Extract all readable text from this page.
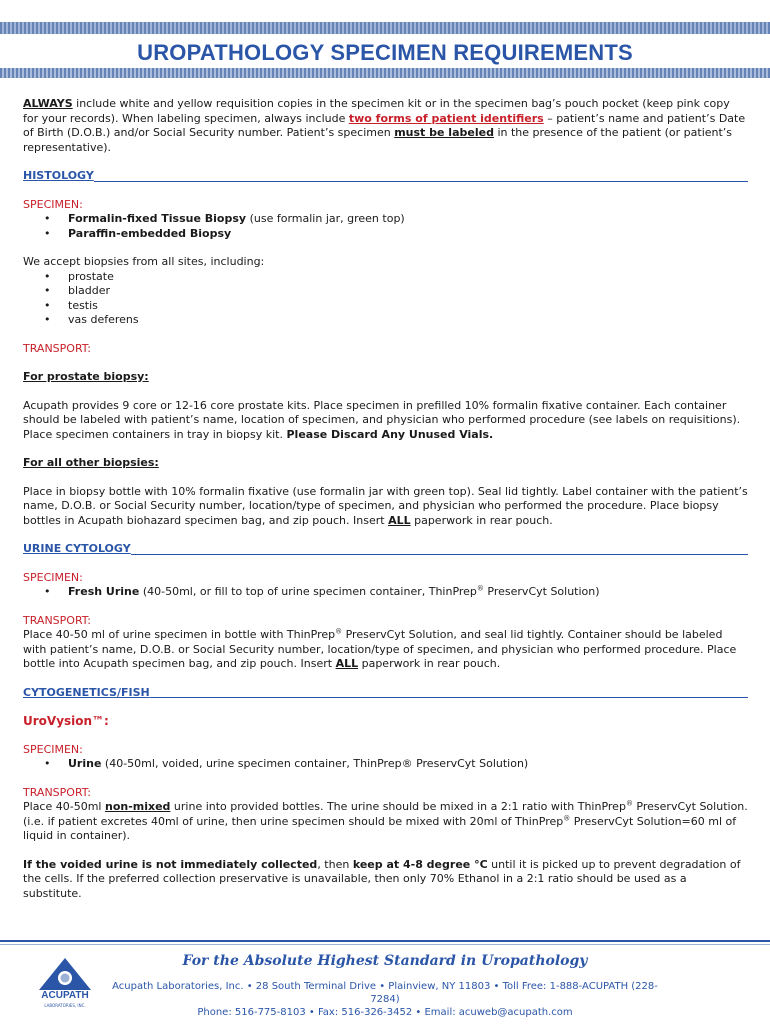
UROPATHOLOGY SPECIMEN REQUIREMENTS

ALWAYS include white and yellow requisition copies in the specimen kit or in the specimen bag’s pouch pocket (keep pink copy for your records). When labeling specimen, always include two forms of patient identifiers – patient’s name and patient’s Date of Birth (D.O.B.) and/or Social Security number. Patient’s specimen must be labeled in the presence of the patient (or patient’s representative).

HISTOLOGY

SPECIMEN:

• Formalin-fixed Tissue Biopsy (use formalin jar, green top)
• Paraffin-embedded Biopsy

We accept biopsies from all sites, including:

• prostate
• bladder
• testis
• vas deferens

TRANSPORT:

For prostate biopsy:

Acupath provides 9 core or 12-16 core prostate kits. Place specimen in prefilled 10% formalin fixative container. Each container should be labeled with patient’s name, location of specimen, and physician who performed procedure (see labels on requisitions). Place specimen containers in tray in biopsy kit. Please Discard Any Unused Vials.

For all other biopsies:

Place in biopsy bottle with 10% formalin fixative (use formalin jar with green top). Seal lid tightly. Label container with the patient’s name, D.O.B. or Social Security number, location/type of specimen, and physician who performed the procedure. Place biopsy bottles in Acupath biohazard specimen bag, and zip pouch. Insert ALL paperwork in rear pouch.

URINE CYTOLOGY

SPECIMEN:

• Fresh Urine (40-50ml, or fill to top of urine specimen container, ThinPrep® PreservCyt Solution)

TRANSPORT:

Place 40-50 ml of urine specimen in bottle with ThinPrep® PreservCyt Solution, and seal lid tightly. Container should be labeled with patient’s name, D.O.B. or Social Security number, location/type of specimen, and physician who performed procedure. Place bottle into Acupath specimen bag, and zip pouch. Insert ALL paperwork in rear pouch.

CYTOGENETICS/FISH

UroVysion™:

SPECIMEN:

• Urine (40-50ml, voided, urine specimen container, ThinPrep® PreservCyt Solution)

TRANSPORT:

Place 40-50ml non-mixed urine into provided bottles. The urine should be mixed in a 2:1 ratio with ThinPrep® PreservCyt Solution. (i.e. if patient excretes 40ml of urine, then urine specimen should be mixed with 20ml of ThinPrep® PreservCyt Solution=60 ml of liquid in container).

If the voided urine is not immediately collected, then keep at 4-8 degree °C until it is picked up to prevent degradation of the cells. If the preferred collection preservative is unavailable, then only 70% Ethanol in a 2:1 ratio should be used as a substitute.

ACUPATH
LABORATORIES, INC.
For the Absolute Highest Standard in Uropathology
Acupath Laboratories, Inc. • 28 South Terminal Drive • Plainview, NY 11803 • Toll Free: 1-888-ACUPATH (228-7284)
Phone: 516-775-8103 • Fax: 516-326-3452 • Email: acuweb@acupath.com
